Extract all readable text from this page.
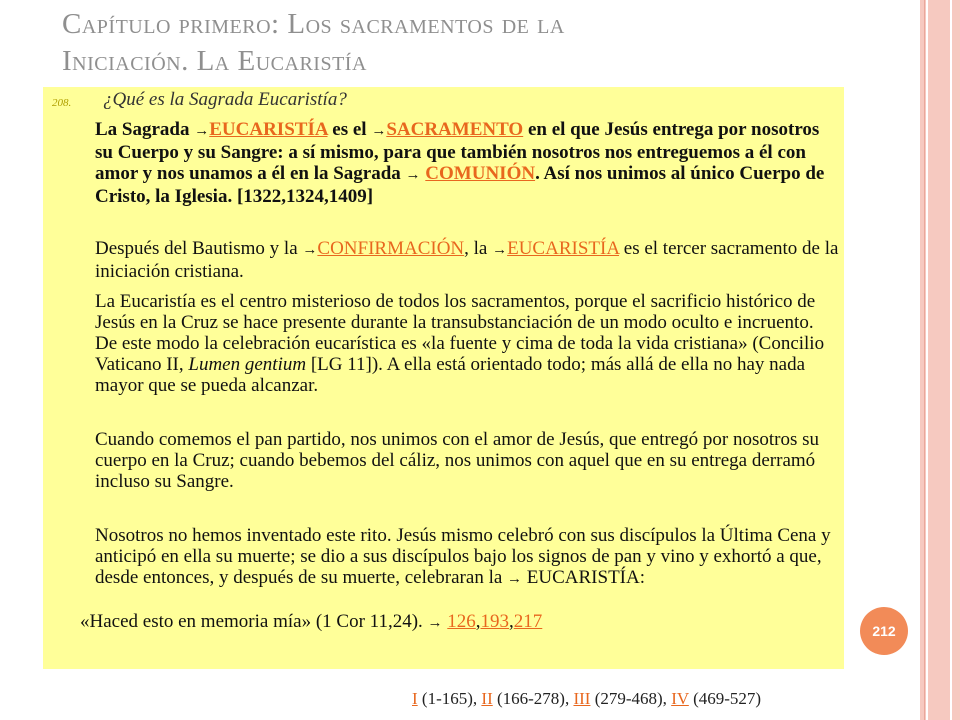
Capítulo primero: Los sacramentos de la
Iniciación. La Eucaristía
208. ¿Qué es la Sagrada Eucaristía?
La Sagrada →EUCARISTÍA es el →SACRAMENTO en el que Jesús entrega por nosotros su Cuerpo y su Sangre: a sí mismo, para que también nosotros nos entreguemos a él con amor y nos unamos a él en la Sagrada → COMUNIÓN. Así nos unimos al único Cuerpo de Cristo, la Iglesia. [1322,1324,1409]
Después del Bautismo y la →CONFIRMACIÓN, la →EUCARISTÍA es el tercer sacramento de la iniciación cristiana.
La Eucaristía es el centro misterioso de todos los sacramentos, porque el sacrificio histórico de Jesús en la Cruz se hace presente durante la transubstanciación de un modo oculto e incruento. De este modo la celebración eucarística es «la fuente y cima de toda la vida cristiana» (Concilio Vaticano II, Lumen gentium [LG 11]). A ella está orientado todo; más allá de ella no hay nada mayor que se pueda alcanzar.
Cuando comemos el pan partido, nos unimos con el amor de Jesús, que entregó por nosotros su cuerpo en la Cruz; cuando bebemos del cáliz, nos unimos con aquel que en su entrega derramó incluso su Sangre.
Nosotros no hemos inventado este rito. Jesús mismo celebró con sus discípulos la Última Cena y anticipó en ella su muerte; se dio a sus discípulos bajo los signos de pan y vino y exhortó a que, desde entonces, y después de su muerte, celebraran la → EUCARISTÍA:
«Haced esto en memoria mía» (1 Cor 11,24). → 126,193,217	212
I (1-165), II (166-278), III (279-468), IV (469-527)
